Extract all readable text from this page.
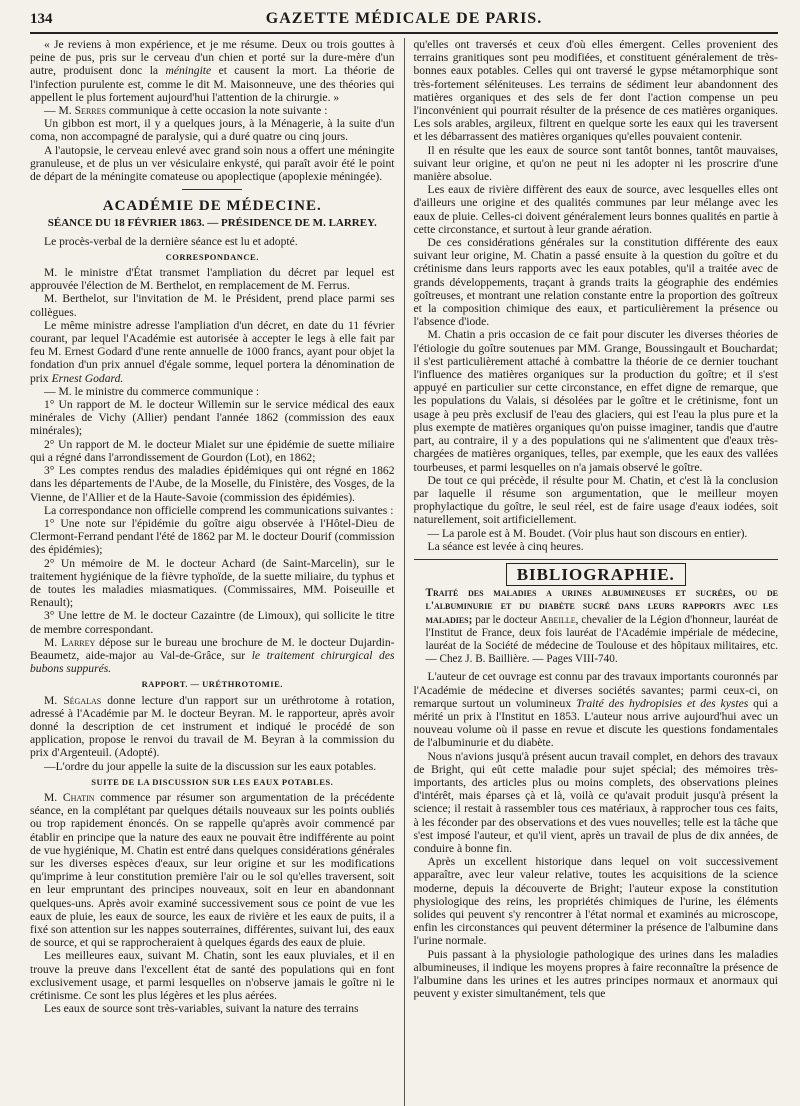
134	GAZETTE MÉDICALE DE PARIS.

« Je reviens à mon expérience, et je me résume. Deux ou trois gouttes à peine de pus, pris sur le cerveau d'un chien et porté sur la dure-mère d'un autre, produisent donc la méningite et causent la mort. La théorie de l'infection purulente est, comme le dit M. Maisonneuve, une des théories qui appellent le plus fortement aujourd'hui l'attention de la chirurgie. »

— M. Serres communique à cette occasion la note suivante :

Un gibbon est mort, il y a quelques jours, à la Ménagerie, à la suite d'un coma, non accompagné de paralysie, qui a duré quatre ou cinq jours.

A l'autopsie, le cerveau enlevé avec grand soin nous a offert une méningite granuleuse, et de plus un ver vésiculaire enkysté, qui paraît avoir été le point de départ de la méningite comateuse ou apoplectique (apoplexie méningée).

ACADÉMIE DE MÉDECINE.

SÉANCE DU 18 FÉVRIER 1863. — PRÉSIDENCE DE M. LARREY.

Le procès-verbal de la dernière séance est lu et adopté.

CORRESPONDANCE.

M. le ministre d'État transmet l'ampliation du décret par lequel est approuvée l'élection de M. Berthelot, en remplacement de M. Ferrus.

M. Berthelot, sur l'invitation de M. le Président, prend place parmi ses collègues.

Le même ministre adresse l'ampliation d'un décret, en date du 11 février courant, par lequel l'Académie est autorisée à accepter le legs à elle fait par feu M. Ernest Godard d'une rente annuelle de 1000 francs, ayant pour objet la fondation d'un prix annuel d'égale somme, lequel portera la dénomination de prix Ernest Godard.

— M. le ministre du commerce communique :

1° Un rapport de M. le docteur Willemin sur le service médical des eaux minérales de Vichy (Allier) pendant l'année 1862 (commission des eaux minérales);

2° Un rapport de M. le docteur Mialet sur une épidémie de suette miliaire qui a régné dans l'arrondissement de Gourdon (Lot), en 1862;

3° Les comptes rendus des maladies épidémiques qui ont régné en 1862 dans les départements de l'Aube, de la Moselle, du Finistère, des Vosges, de la Vienne, de l'Allier et de la Haute-Savoie (commission des épidémies).

La correspondance non officielle comprend les communications suivantes :

1° Une note sur l'épidémie du goître aigu observée à l'Hôtel-Dieu de Clermont-Ferrand pendant l'été de 1862 par M. le docteur Dourif (commission des épidémies);

2° Un mémoire de M. le docteur Achard (de Saint-Marcelin), sur le traitement hygiénique de la fièvre typhoïde, de la suette miliaire, du typhus et de toutes les maladies miasmatiques. (Commissaires, MM. Poiseuille et Renault);

3° Une lettre de M. le docteur Cazaintre (de Limoux), qui sollicite le titre de membre correspondant.

M. Larrey dépose sur le bureau une brochure de M. le docteur Dujardin-Beaumetz, aide-major au Val-de-Grâce, sur le traitement chirurgical des bubons suppurés.

RAPPORT. — URÉTHROTOMIE.

M. Ségalas donne lecture d'un rapport sur un uréthrotome à rotation, adressé à l'Académie par M. le docteur Beyran. M. le rapporteur, après avoir donné la description de cet instrument et indiqué le procédé de son application, propose le renvoi du travail de M. Beyran à la commission du prix d'Argenteuil. (Adopté).

—L'ordre du jour appelle la suite de la discussion sur les eaux potables.

SUITE DE LA DISCUSSION SUR LES EAUX POTABLES.

M. Chatin commence par résumer son argumentation de la précédente séance, en la complétant par quelques détails nouveaux sur les points oubliés ou trop rapidement énoncés. On se rappelle qu'après avoir commencé par établir en principe que la nature des eaux ne pouvait être indifférente au point de vue hygiénique, M. Chatin est entré dans quelques considérations générales sur les diverses espèces d'eaux, sur leur origine et sur les modifications qu'imprime à leur constitution première l'air ou le sol qu'elles traversent, soit en leur empruntant des principes nouveaux, soit en leur en abandonnant quelques-uns. Après avoir examiné successivement sous ce point de vue les eaux de pluie, les eaux de source, les eaux de rivière et les eaux de puits, il a fixé son attention sur les nappes souterraines, différentes, suivant lui, des eaux de source, et qui se rapprocheraient à quelques égards des eaux de pluie.

Les meilleures eaux, suivant M. Chatin, sont les eaux pluviales, et il en trouve la preuve dans l'excellent état de santé des populations qui en font exclusivement usage, et parmi lesquelles on n'observe jamais le goître ni le crétinisme. Ce sont les plus légères et les plus aérées.

Les eaux de source sont très-variables, suivant la nature des terrains

qu'elles ont traversés et ceux d'où elles émergent. Celles provenient des terrains granitiques sont peu modifiées, et constituent généralement de très-bonnes eaux potables. Celles qui ont traversé le gypse métamorphique sont très-fortement séléniteuses. Les terrains de sédiment leur abandonnent des matières organiques et des sels de fer dont l'action compense un peu l'inconvénient qui pourrait résulter de la présence de ces matières organiques. Les sols arables, argileux, filtrent en quelque sorte les eaux qui les traversent et les débarrassent des matières organiques qu'elles pouvaient contenir.

Il en résulte que les eaux de source sont tantôt bonnes, tantôt mauvaises, suivant leur origine, et qu'on ne peut ni les adopter ni les proscrire d'une manière absolue.

Les eaux de rivière diffèrent des eaux de source, avec lesquelles elles ont d'ailleurs une origine et des qualités communes par leur mélange avec les eaux de pluie. Celles-ci doivent généralement leurs bonnes qualités en partie à cette circonstance, et surtout à leur grande aération.

De ces considérations générales sur la constitution différente des eaux suivant leur origine, M. Chatin a passé ensuite à la question du goître et du crétinisme dans leurs rapports avec les eaux potables, qu'il a traitée avec de grands développements, traçant à grands traits la géographie des endémies goîtreuses, et montrant une relation constante entre la proportion des goîtreux et la composition chimique des eaux, et particulièrement la présence ou l'absence d'iode.

M. Chatin a pris occasion de ce fait pour discuter les diverses théories de l'étiologie du goître soutenues par MM. Grange, Boussingault et Bouchardat; il s'est particulièrement attaché à combattre la théorie de ce dernier touchant l'influence des matières organiques sur la production du goître; et il s'est appuyé en particulier sur cette circonstance, en effet digne de remarque, que les populations du Valais, si désolées par le goître et le crétinisme, font un usage à peu près exclusif de l'eau des glaciers, qui est l'eau la plus pure et la plus exempte de matières organiques qu'on puisse imaginer, tandis que d'autre part, au contraire, il y a des populations qui ne s'alimentent que d'eaux très-chargées de matières organiques, telles, par exemple, que les eaux des vallées tourbeuses, et parmi lesquelles on n'a jamais observé le goître.

De tout ce qui précède, il résulte pour M. Chatin, et c'est là la conclusion par laquelle il résume son argumentation, que le meilleur moyen prophylactique du goître, le seul réel, est de faire usage d'eaux iodées, soit naturellement, soit artificiellement.

— La parole est à M. Boudet. (Voir plus haut son discours en entier).

La séance est levée à cinq heures.

BIBLIOGRAPHIE.

Traité des maladies a urines albumineuses et sucrées, ou de l'albuminurie et du diabète sucré dans leurs rapports avec les maladies; par le docteur Abeille, chevalier de la Légion d'honneur, lauréat de l'Institut de France, deux fois lauréat de l'Académie impériale de médecine, lauréat de la Société de médecine de Toulouse et des hôpitaux militaires, etc. — Chez J. B. Baillière. — Pages VIII-740.

L'auteur de cet ouvrage est connu par des travaux importants couronnés par l'Académie de médecine et diverses sociétés savantes; parmi ceux-ci, on remarque surtout un volumineux Traité des hydropisies et des kystes qui a mérité un prix à l'Institut en 1853. L'auteur nous arrive aujourd'hui avec un nouveau volume où il passe en revue et discute les questions fondamentales de l'albuminurie et du diabète.

Nous n'avions jusqu'à présent aucun travail complet, en dehors des travaux de Bright, qui eût cette maladie pour sujet spécial; des mémoires très-importants, des articles plus ou moins complets, des observations pleines d'intérêt, mais éparses çà et là, voilà ce qu'avait produit jusqu'à présent la science; il restait à rassembler tous ces matériaux, à rapprocher tous ces faits, à les féconder par des observations et des vues nouvelles; telle est la tâche que s'est imposé l'auteur, et qu'il vient, après un travail de plus de dix années, de conduire à bonne fin.

Après un excellent historique dans lequel on voit successivement apparaître, avec leur valeur relative, toutes les acquisitions de la science moderne, depuis la découverte de Bright; l'auteur expose la constitution physiologique des reins, les propriétés chimiques de l'urine, les éléments solides qui peuvent s'y rencontrer à l'état normal et examinés au microscope, enfin les circonstances qui peuvent déterminer la présence de l'albumine dans l'urine normale.

Puis passant à la physiologie pathologique des urines dans les maladies albumineuses, il indique les moyens propres à faire reconnaître la présence de l'albumine dans les urines et les autres principes normaux et anormaux qui peuvent y exister simultanément, tels que
